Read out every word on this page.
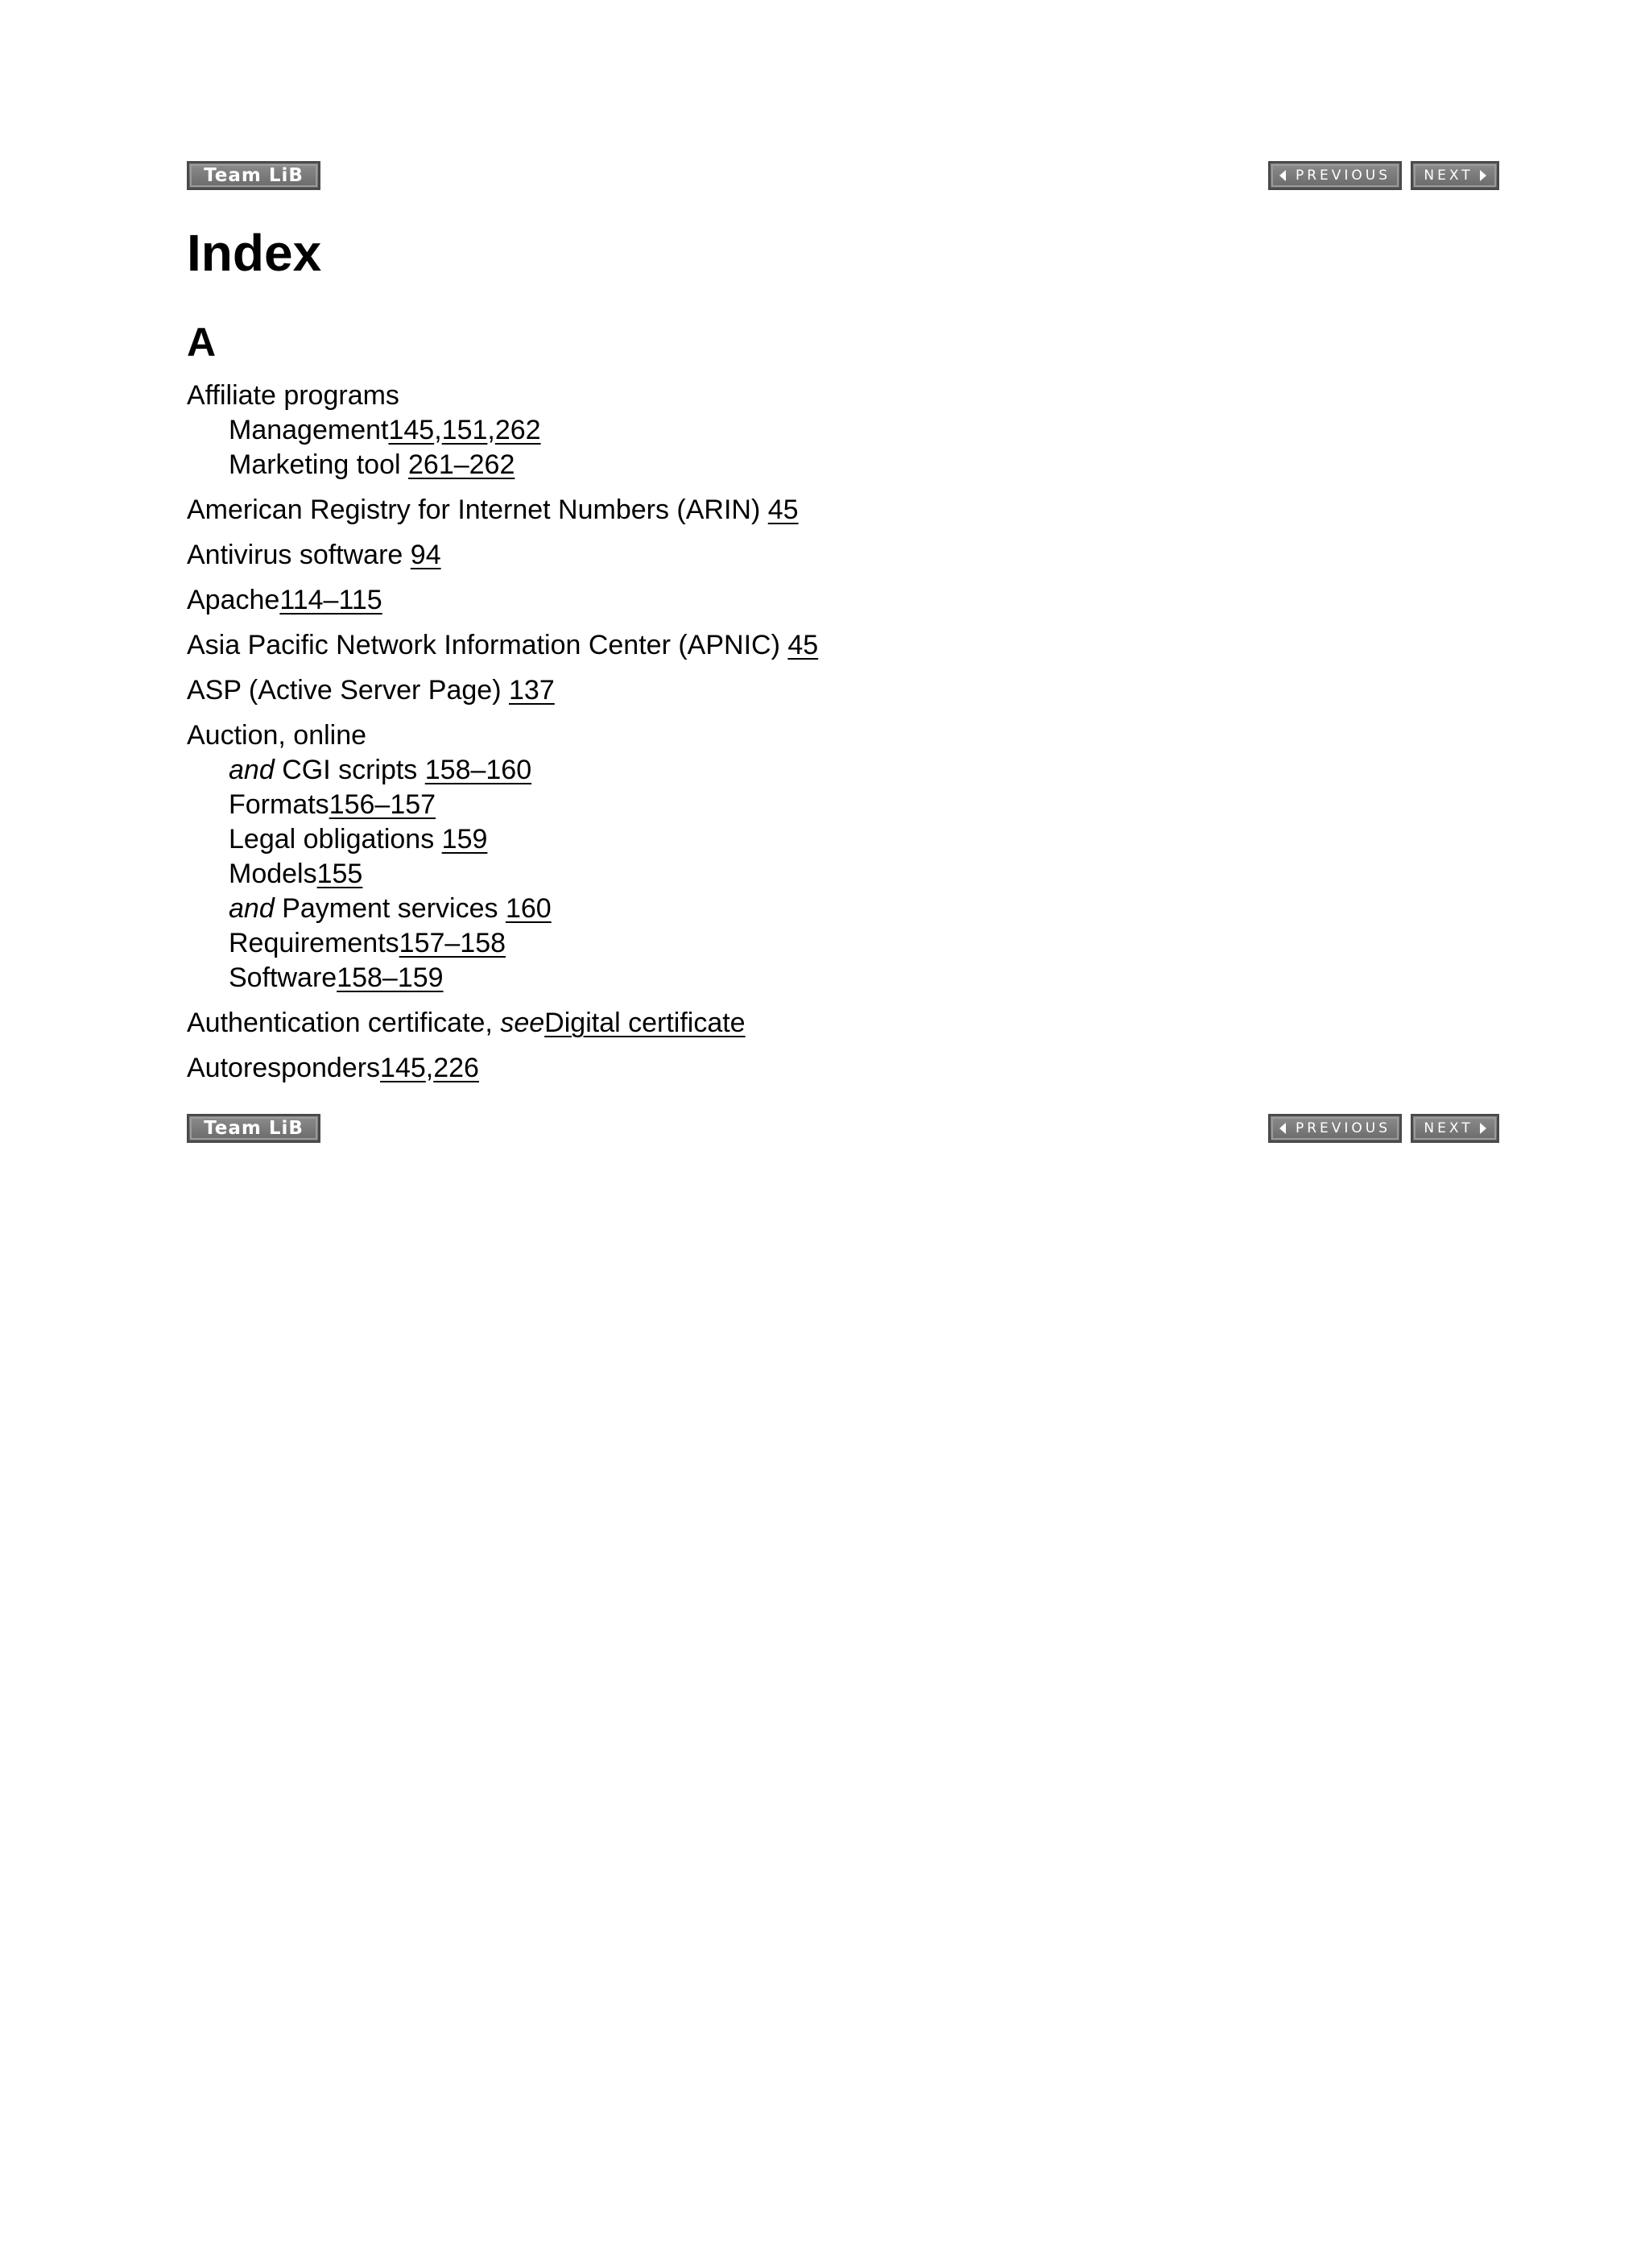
Team LiB	PREVIOUS NEXT
Index
A
Affiliate programs
Management145,151,262
Marketing tool 261–262
American Registry for Internet Numbers (ARIN) 45
Antivirus software 94
Apache114–115
Asia Pacific Network Information Center (APNIC) 45
ASP (Active Server Page) 137
Auction, online
and CGI scripts 158–160
Formats156–157
Legal obligations 159
Models155
and Payment services 160
Requirements157–158
Software158–159
Authentication certificate, seeDigital certificate
Autoresponders145,226
Team LiB	PREVIOUS NEXT
